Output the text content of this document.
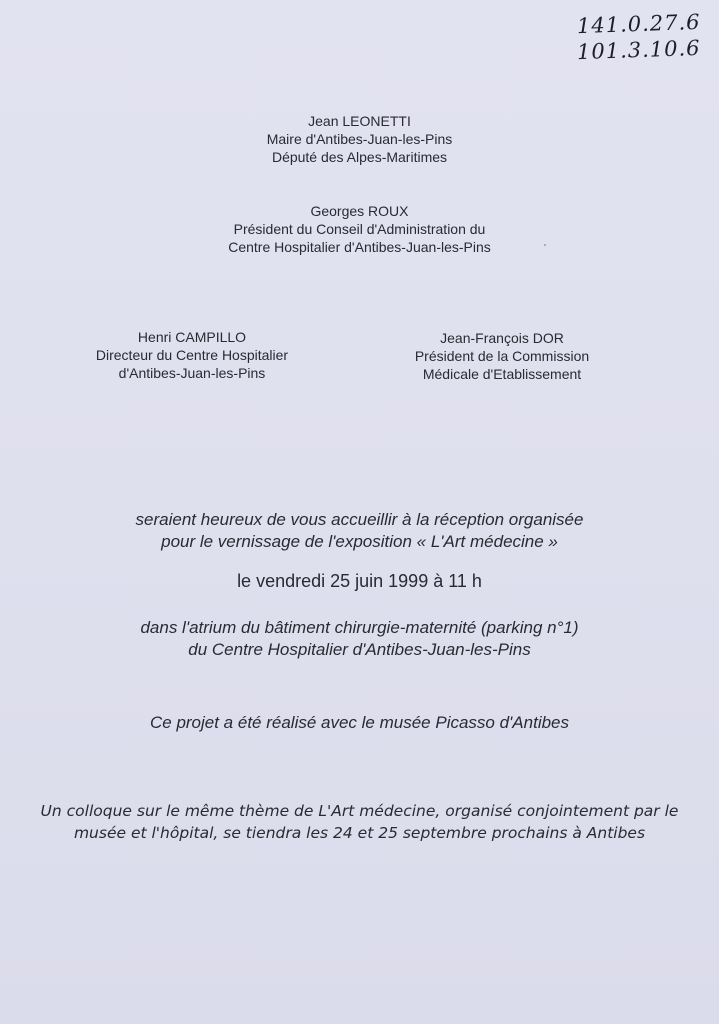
141.0.27.6
101.3.10.6
Jean LEONETTI
Maire d'Antibes-Juan-les-Pins
Député des Alpes-Maritimes
Georges ROUX
Président du Conseil d'Administration du
Centre Hospitalier d'Antibes-Juan-les-Pins
Henri CAMPILLO
Directeur du Centre Hospitalier
d'Antibes-Juan-les-Pins
Jean-François DOR
Président de la Commission
Médicale d'Etablissement
seraient heureux de vous accueillir à la réception organisée
pour le vernissage de l'exposition « L'Art médecine »
le vendredi 25 juin 1999 à 11 h
dans l'atrium du bâtiment chirurgie-maternité (parking n°1)
du Centre Hospitalier d'Antibes-Juan-les-Pins
Ce projet a été réalisé avec le musée Picasso d'Antibes
Un colloque sur le même thème de L'Art médecine, organisé conjointement par le
musée et l'hôpital, se tiendra les 24 et 25 septembre prochains à Antibes
